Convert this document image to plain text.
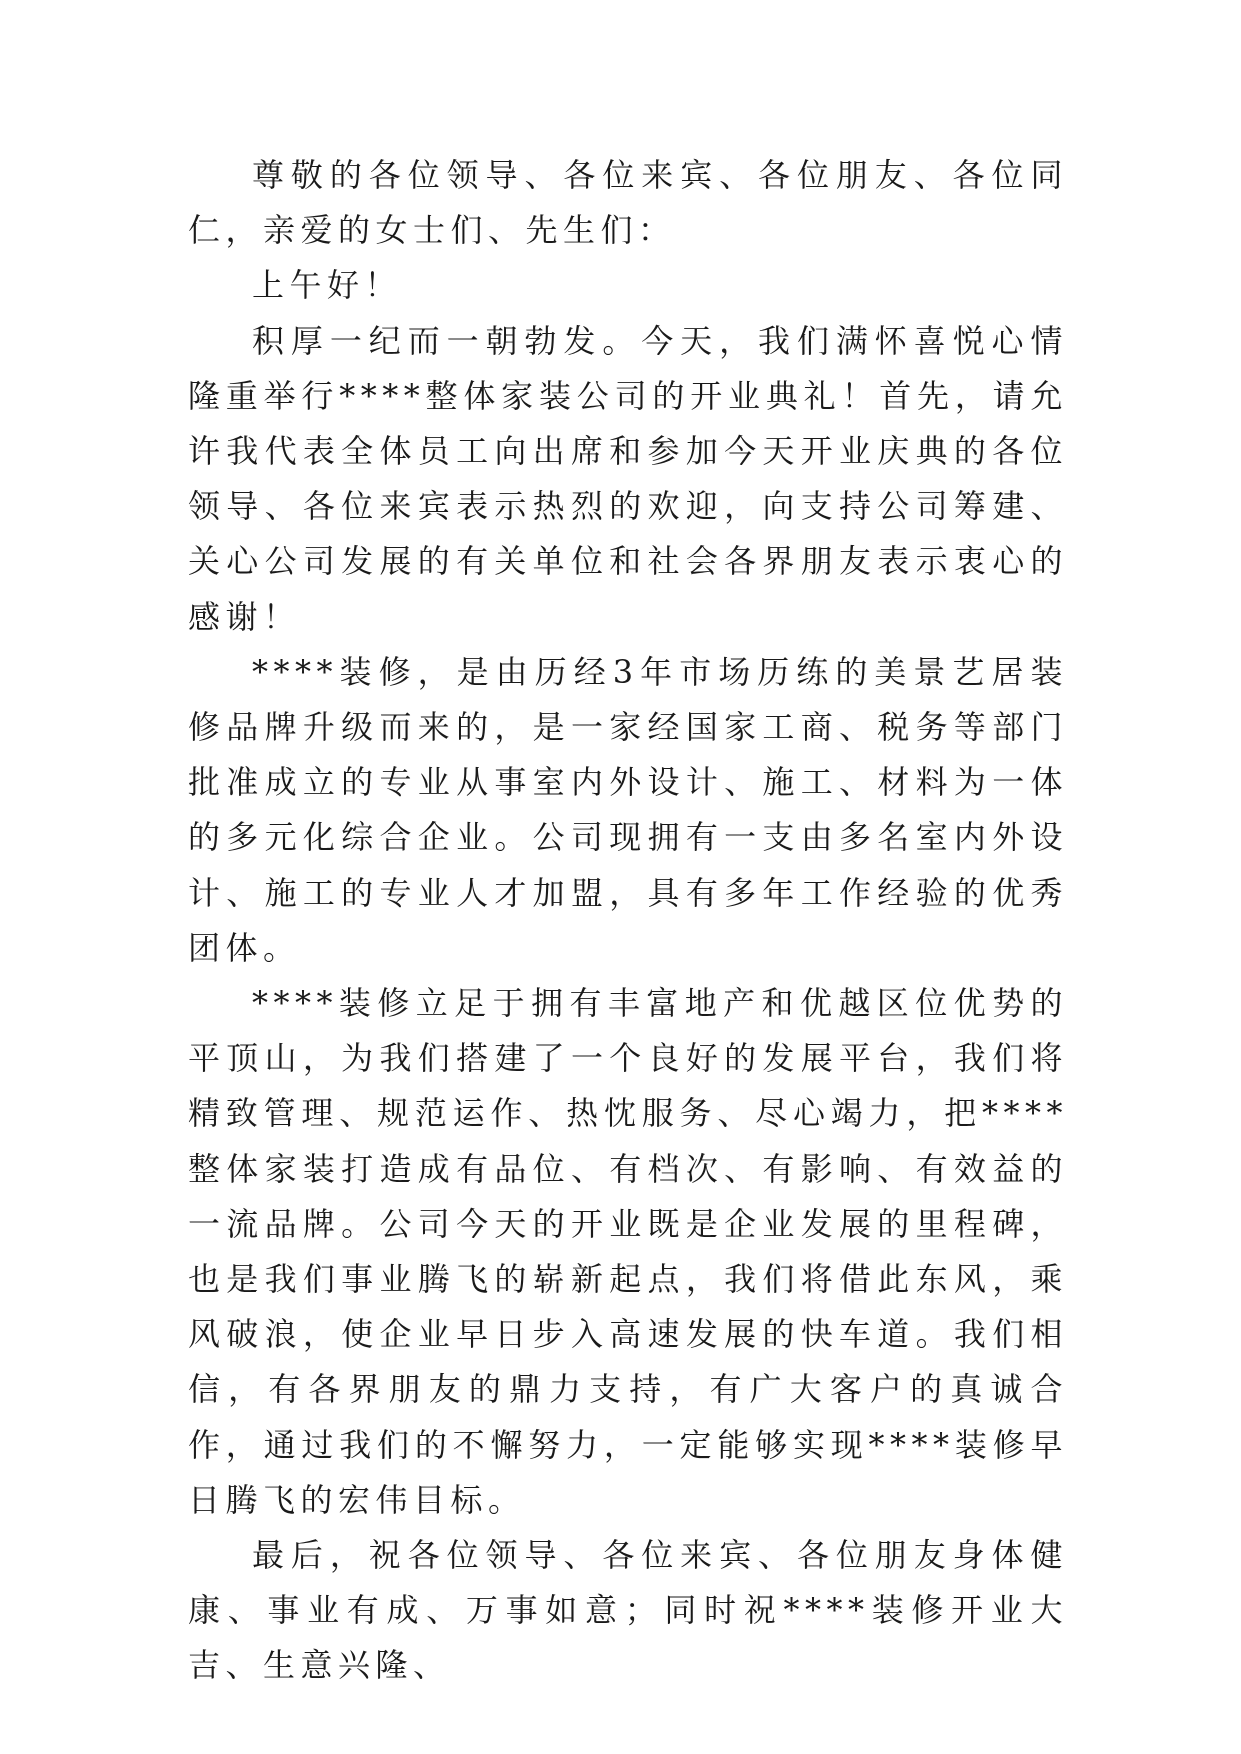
尊敬的各位领导、各位来宾、各位朋友、各位同仁，亲爱的女士们、先生们：

上午好！

积厚一纪而一朝勃发。今天，我们满怀喜悦心情隆重举行****整体家装公司的开业典礼！首先，请允许我代表全体员工向出席和参加今天开业庆典的各位领导、各位来宾表示热烈的欢迎，向支持公司筹建、关心公司发展的有关单位和社会各界朋友表示衷心的感谢！

****装修，是由历经3年市场历练的美景艺居装修品牌升级而来的，是一家经国家工商、税务等部门批准成立的专业从事室内外设计、施工、材料为一体的多元化综合企业。公司现拥有一支由多名室内外设计、施工的专业人才加盟，具有多年工作经验的优秀团体。

****装修立足于拥有丰富地产和优越区位优势的平顶山，为我们搭建了一个良好的发展平台，我们将精致管理、规范运作、热忱服务、尽心竭力，把****整体家装打造成有品位、有档次、有影响、有效益的一流品牌。公司今天的开业既是企业发展的里程碑，也是我们事业腾飞的崭新起点，我们将借此东风，乘风破浪，使企业早日步入高速发展的快车道。我们相信，有各界朋友的鼎力支持，有广大客户的真诚合作，通过我们的不懈努力，一定能够实现****装修早日腾飞的宏伟目标。

最后，祝各位领导、各位来宾、各位朋友身体健康、事业有成、万事如意；同时祝****装修开业大吉、生意兴隆、
